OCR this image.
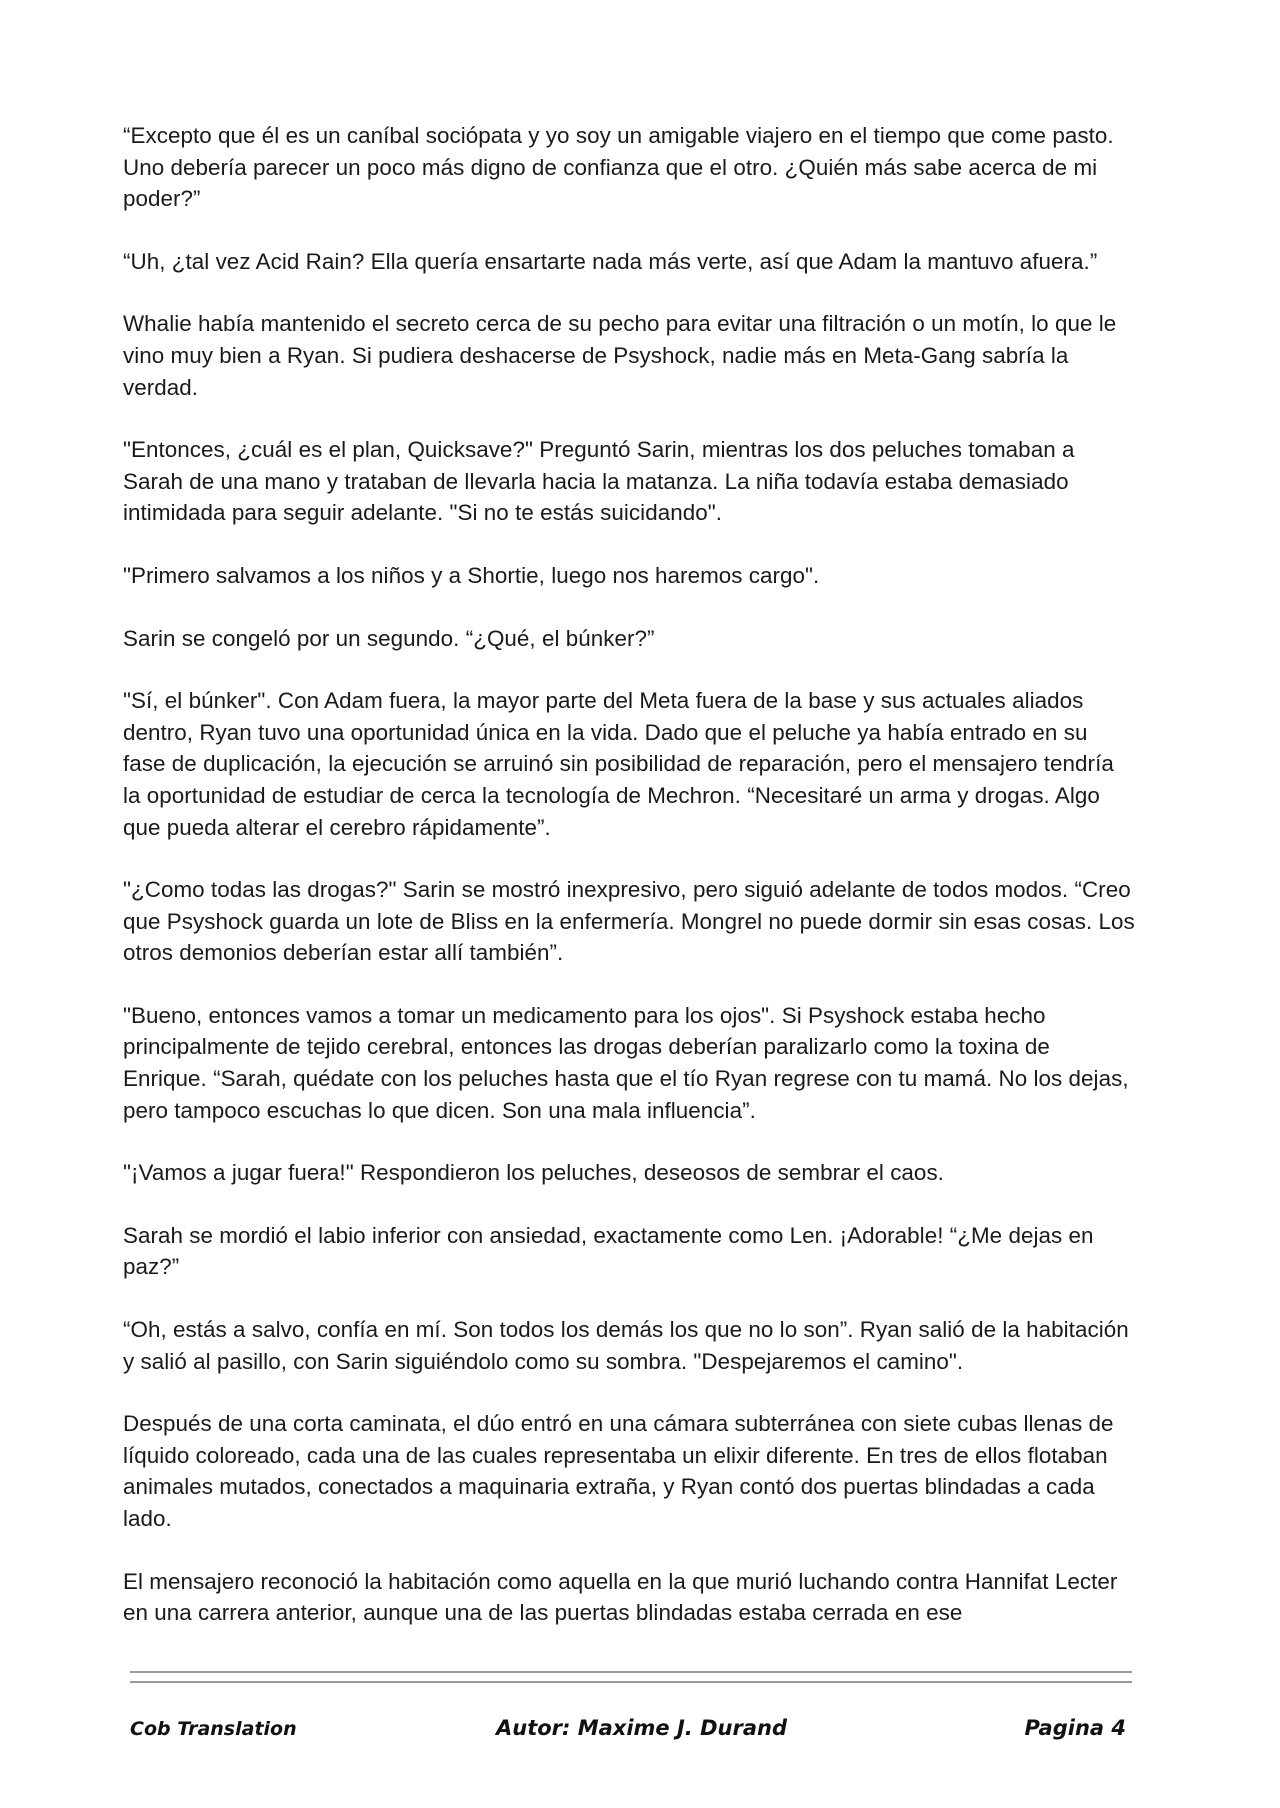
“Excepto que él es un caníbal sociópata y yo soy un amigable viajero en el tiempo que come pasto. Uno debería parecer un poco más digno de confianza que el otro. ¿Quién más sabe acerca de mi poder?”

“Uh, ¿tal vez Acid Rain? Ella quería ensartarte nada más verte, así que Adam la mantuvo afuera.”

Whalie había mantenido el secreto cerca de su pecho para evitar una filtración o un motín, lo que le vino muy bien a Ryan. Si pudiera deshacerse de Psyshock, nadie más en Meta-Gang sabría la verdad.

"Entonces, ¿cuál es el plan, Quicksave?" Preguntó Sarin, mientras los dos peluches tomaban a Sarah de una mano y trataban de llevarla hacia la matanza. La niña todavía estaba demasiado intimidada para seguir adelante. "Si no te estás suicidando".

"Primero salvamos a los niños y a Shortie, luego nos haremos cargo".

Sarin se congeló por un segundo. “¿Qué, el búnker?”

"Sí, el búnker". Con Adam fuera, la mayor parte del Meta fuera de la base y sus actuales aliados dentro, Ryan tuvo una oportunidad única en la vida. Dado que el peluche ya había entrado en su fase de duplicación, la ejecución se arruinó sin posibilidad de reparación, pero el mensajero tendría la oportunidad de estudiar de cerca la tecnología de Mechron. “Necesitaré un arma y drogas. Algo que pueda alterar el cerebro rápidamente”.

"¿Como todas las drogas?" Sarin se mostró inexpresivo, pero siguió adelante de todos modos. “Creo que Psyshock guarda un lote de Bliss en la enfermería. Mongrel no puede dormir sin esas cosas. Los otros demonios deberían estar allí también”.

"Bueno, entonces vamos a tomar un medicamento para los ojos". Si Psyshock estaba hecho principalmente de tejido cerebral, entonces las drogas deberían paralizarlo como la toxina de Enrique. “Sarah, quédate con los peluches hasta que el tío Ryan regrese con tu mamá. No los dejas, pero tampoco escuchas lo que dicen. Son una mala influencia”.

"¡Vamos a jugar fuera!" Respondieron los peluches, deseosos de sembrar el caos.

Sarah se mordió el labio inferior con ansiedad, exactamente como Len. ¡Adorable! “¿Me dejas en paz?”

“Oh, estás a salvo, confía en mí. Son todos los demás los que no lo son”. Ryan salió de la habitación y salió al pasillo, con Sarin siguiéndolo como su sombra. "Despejaremos el camino".

Después de una corta caminata, el dúo entró en una cámara subterránea con siete cubas llenas de líquido coloreado, cada una de las cuales representaba un elixir diferente. En tres de ellos flotaban animales mutados, conectados a maquinaria extraña, y Ryan contó dos puertas blindadas a cada lado.

El mensajero reconoció la habitación como aquella en la que murió luchando contra Hannifat Lecter en una carrera anterior, aunque una de las puertas blindadas estaba cerrada en ese

Cob Translation	Autor: Maxime J. Durand	Pagina 4
